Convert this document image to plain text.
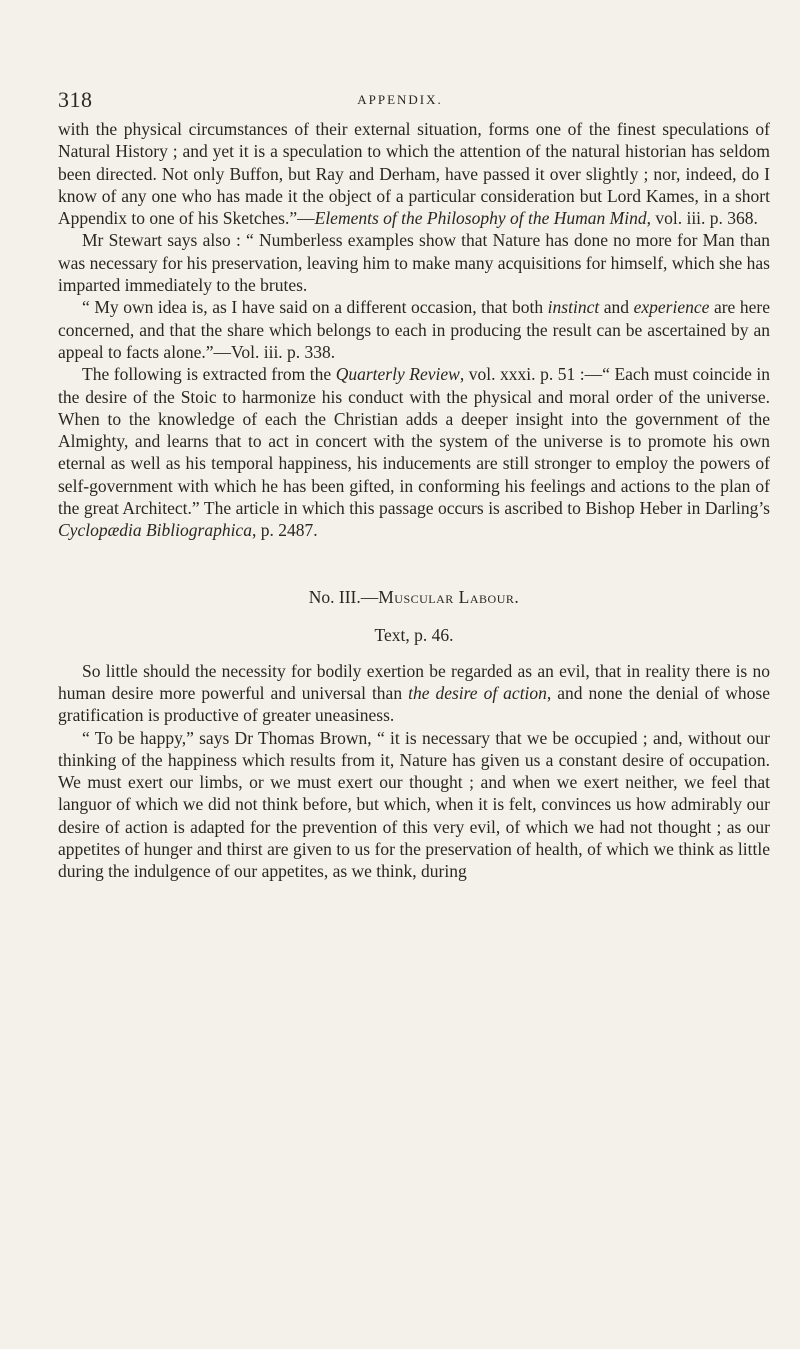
318	APPENDIX.

with the physical circumstances of their external situation, forms one of the finest speculations of Natural History ; and yet it is a speculation to which the attention of the natural historian has seldom been directed. Not only Buffon, but Ray and Derham, have passed it over slightly ; nor, indeed, do I know of any one who has made it the object of a particular consideration but Lord Kames, in a short Appendix to one of his Sketches.”—Elements of the Philosophy of the Human Mind, vol. iii. p. 368.

Mr Stewart says also : “ Numberless examples show that Nature has done no more for Man than was necessary for his preservation, leaving him to make many acquisitions for himself, which she has imparted immediately to the brutes.

“ My own idea is, as I have said on a different occasion, that both instinct and experience are here concerned, and that the share which belongs to each in producing the result can be ascertained by an appeal to facts alone.”—Vol. iii. p. 338.

The following is extracted from the Quarterly Review, vol. xxxi. p. 51 :—“ Each must coincide in the desire of the Stoic to harmonize his conduct with the physical and moral order of the universe. When to the knowledge of each the Christian adds a deeper insight into the government of the Almighty, and learns that to act in concert with the system of the universe is to promote his own eternal as well as his temporal happiness, his inducements are still stronger to employ the powers of self-government with which he has been gifted, in conforming his feelings and actions to the plan of the great Architect.” The article in which this passage occurs is ascribed to Bishop Heber in Darling’s Cyclopædia Bibliographica, p. 2487.

No. III.—Muscular Labour.
Text, p. 46.

So little should the necessity for bodily exertion be regarded as an evil, that in reality there is no human desire more powerful and universal than the desire of action, and none the denial of whose gratification is productive of greater uneasiness.

“ To be happy,” says Dr Thomas Brown, “ it is necessary that we be occupied ; and, without our thinking of the happiness which results from it, Nature has given us a constant desire of occupation. We must exert our limbs, or we must exert our thought ; and when we exert neither, we feel that languor of which we did not think before, but which, when it is felt, convinces us how admirably our desire of action is adapted for the prevention of this very evil, of which we had not thought ; as our appetites of hunger and thirst are given to us for the preservation of health, of which we think as little during the indulgence of our appetites, as we think, during
